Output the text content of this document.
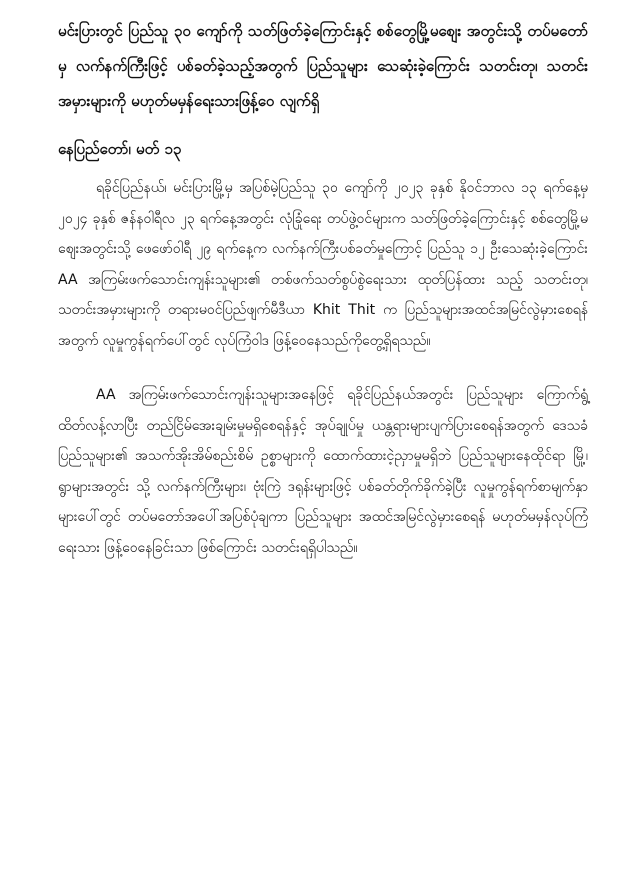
မင်းပြားတွင် ပြည်သူ ၃၀ ကျော်ကို သတ်ဖြတ်ခဲ့ကြောင်းနှင့် စစ်တွေမြို့မစျေး အတွင်းသို့ တပ်မတော်မှ လက်နက်ကြီးဖြင့် ပစ်ခတ်ခဲ့သည့်အတွက် ပြည်သူများ သေဆုံးခဲ့ကြောင်း သတင်းတု၊ သတင်းအမှားများကို မဟုတ်မမှန်ရေးသားဖြန့်ဝေ လျက်ရှိ

နေပြည်တော်၊ မတ် ၁၃

ရခိုင်ပြည်နယ်၊ မင်းပြားမြို့မှ အပြစ်မဲ့ပြည်သူ ၃၀ ကျော်ကို ၂၀၂၃ ခုနှစ် နိုဝင်ဘာလ ၁၃ ရက်နေ့မှ ၂၀၂၄ ခုနှစ် ဇန်နဝါရီလ ၂၃ ရက်နေ့အတွင်း လုံခြုံရေး တပ်ဖွဲ့ဝင်များက သတ်ဖြတ်ခဲ့ကြောင်းနှင့် စစ်တွေမြို့မစျေးအတွင်းသို့ ဖေဖော်ဝါရီ ၂၉ ရက်နေ့က လက်နက်ကြီးပစ်ခတ်မှုကြောင့် ပြည်သူ ၁၂ ဦးသေဆုံးခဲ့ကြောင်း AA အကြမ်းဖက်သောင်းကျန်းသူများ၏ တစ်ဖက်သတ်စွပ်စွဲရေးသား ထုတ်ပြန်ထား သည့် သတင်းတု၊ သတင်းအမှားများကို တရားမဝင်ပြည်ဖျက်မီဒီယာ Khit Thit က ပြည်သူများအထင်အမြင်လွဲမှားစေရန်အတွက် လူမှုကွန်ရက်ပေါ်တွင် လုပ်ကြံဝါဒ ဖြန့်ဝေနေသည်ကိုတွေ့ရှိရသည်။

AA အကြမ်းဖက်သောင်းကျန်းသူများအနေဖြင့် ရခိုင်ပြည်နယ်အတွင်း ပြည်သူများ ကြောက်ရွံ့ထိတ်လန့်လာပြီး တည်ငြိမ်အေးချမ်းမှုမရှိစေရန်နှင့် အုပ်ချုပ်မှု ယန္တရားများပျက်ပြားစေရန်အတွက် ဒေသခံပြည်သူများ၏ အသက်အိုးအိမ်စည်းစိမ် ဥစ္စာများကို ထောက်ထားငဲ့ညှာမှုမရှိဘဲ ပြည်သူများနေထိုင်ရာ မြို့၊ ရွာများအတွင်း သို့ လက်နက်ကြီးများ၊ ဗုံးကြဲ ဒရုန်းများဖြင့် ပစ်ခတ်တိုက်ခိုက်ခဲ့ပြီး လူမှုကွန်ရက်စာမျက်နှာများပေါ်တွင် တပ်မတော်အပေါ်အပြစ်ပုံချကာ ပြည်သူများ အထင်အမြင်လွဲမှားစေရန် မဟုတ်မမှန်လုပ်ကြံရေးသား ဖြန့်ဝေနေခြင်းသာ ဖြစ်ကြောင်း သတင်းရရှိပါသည်။
